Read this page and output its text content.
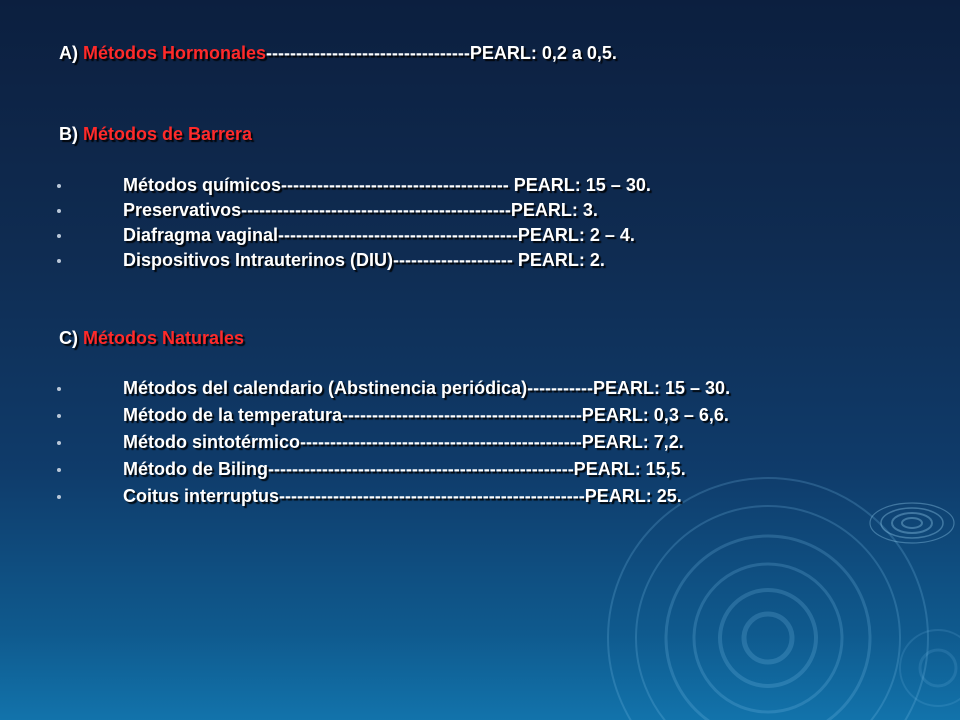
A) Métodos Hormonales----------------------------------PEARL: 0,2 a 0,5.
B) Métodos de Barrera
Métodos químicos-------------------------------------- PEARL: 15 – 30.
Preservativos---------------------------------------------PEARL: 3.
Diafragma vaginal----------------------------------------PEARL: 2 – 4.
Dispositivos Intrauterinos (DIU)-------------------- PEARL: 2.
C) Métodos Naturales
Métodos del calendario (Abstinencia periódica)-----------PEARL: 15 – 30.
Método de la temperatura----------------------------------------PEARL: 0,3 – 6,6.
Método sintotérmico-----------------------------------------------PEARL: 7,2.
Método de Biling---------------------------------------------------PEARL: 15,5.
Coitus interruptus---------------------------------------------------PEARL: 25.
